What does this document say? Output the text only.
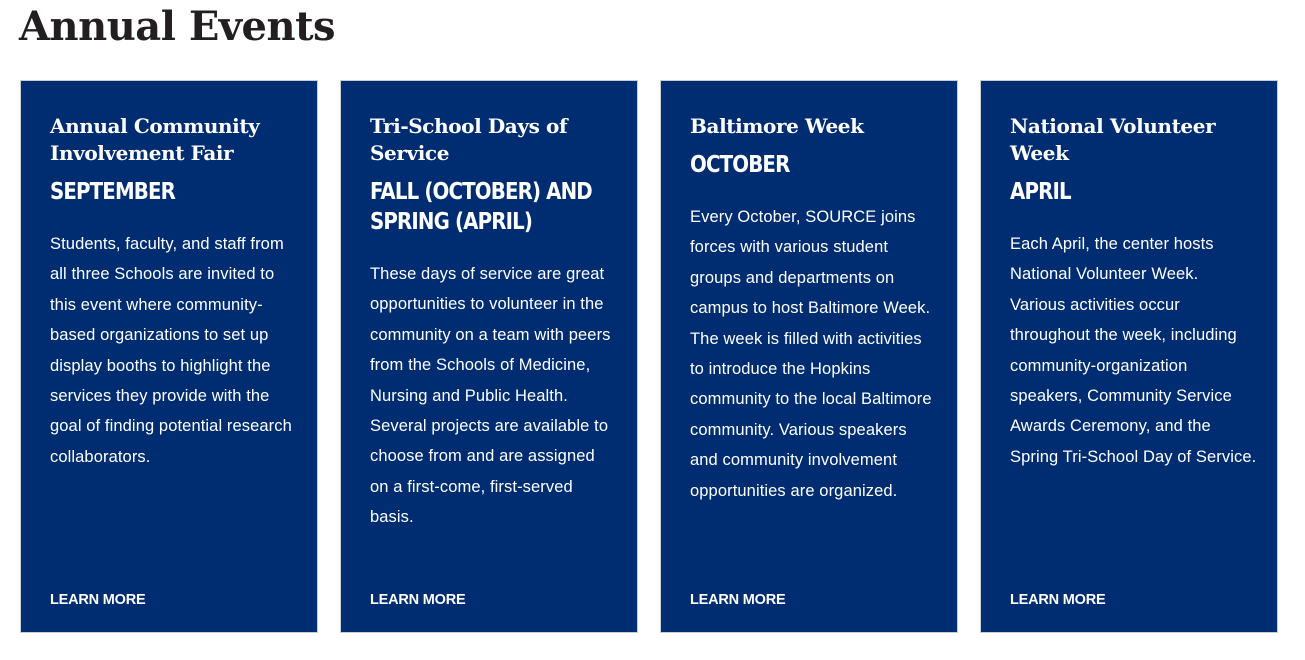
Annual Events
Annual Community Involvement Fair
SEPTEMBER

Students, faculty, and staff from all three Schools are invited to this event where community-based organizations to set up display booths to highlight the services they provide with the goal of finding potential research collaborators.

LEARN MORE
Tri-School Days of Service
FALL (OCTOBER) AND SPRING (APRIL)

These days of service are great opportunities to volunteer in the community on a team with peers from the Schools of Medicine, Nursing and Public Health. Several projects are available to choose from and are assigned on a first-come, first-served basis.

LEARN MORE
Baltimore Week
OCTOBER

Every October, SOURCE joins forces with various student groups and departments on campus to host Baltimore Week. The week is filled with activities to introduce the Hopkins community to the local Baltimore community. Various speakers and community involvement opportunities are organized.

LEARN MORE
National Volunteer Week
APRIL

Each April, the center hosts National Volunteer Week. Various activities occur throughout the week, including community-organization speakers, Community Service Awards Ceremony, and the Spring Tri-School Day of Service.

LEARN MORE
